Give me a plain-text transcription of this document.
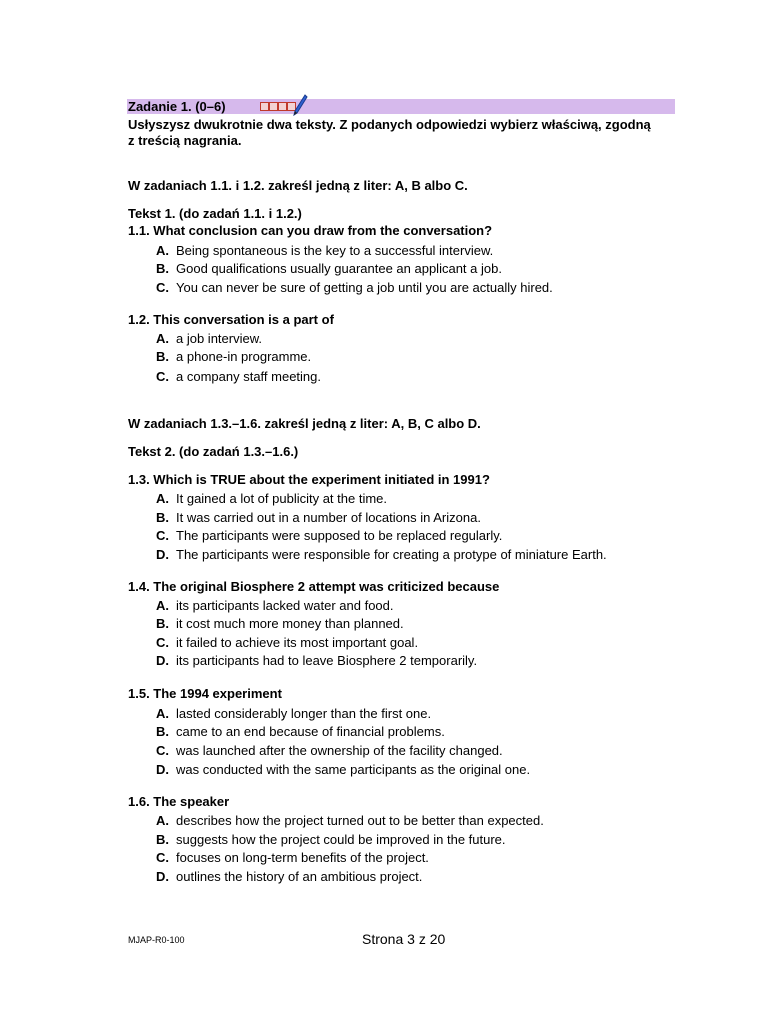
Zadanie 1. (0–6)
Usłyszysz dwukrotnie dwa teksty. Z podanych odpowiedzi wybierz właściwą, zgodną
z treścią nagrania.
W zadaniach 1.1. i 1.2. zakreśl jedną z liter: A, B albo C.
Tekst 1. (do zadań 1.1. i 1.2.)
1.1. What conclusion can you draw from the conversation?
A. Being spontaneous is the key to a successful interview.
B. Good qualifications usually guarantee an applicant a job.
C. You can never be sure of getting a job until you are actually hired.
1.2. This conversation is a part of
A. a job interview.
B. a phone-in programme.
C. a company staff meeting.
W zadaniach 1.3.–1.6. zakreśl jedną z liter: A, B, C albo D.
Tekst 2. (do zadań 1.3.–1.6.)
1.3. Which is TRUE about the experiment initiated in 1991?
A. It gained a lot of publicity at the time.
B. It was carried out in a number of locations in Arizona.
C. The participants were supposed to be replaced regularly.
D. The participants were responsible for creating a protype of miniature Earth.
1.4. The original Biosphere 2 attempt was criticized because
A. its participants lacked water and food.
B. it cost much more money than planned.
C. it failed to achieve its most important goal.
D. its participants had to leave Biosphere 2 temporarily.
1.5. The 1994 experiment
A. lasted considerably longer than the first one.
B. came to an end because of financial problems.
C. was launched after the ownership of the facility changed.
D. was conducted with the same participants as the original one.
1.6. The speaker
A. describes how the project turned out to be better than expected.
B. suggests how the project could be improved in the future.
C. focuses on long-term benefits of the project.
D. outlines the history of an ambitious project.
MJAP-R0-100	Strona 3 z 20
